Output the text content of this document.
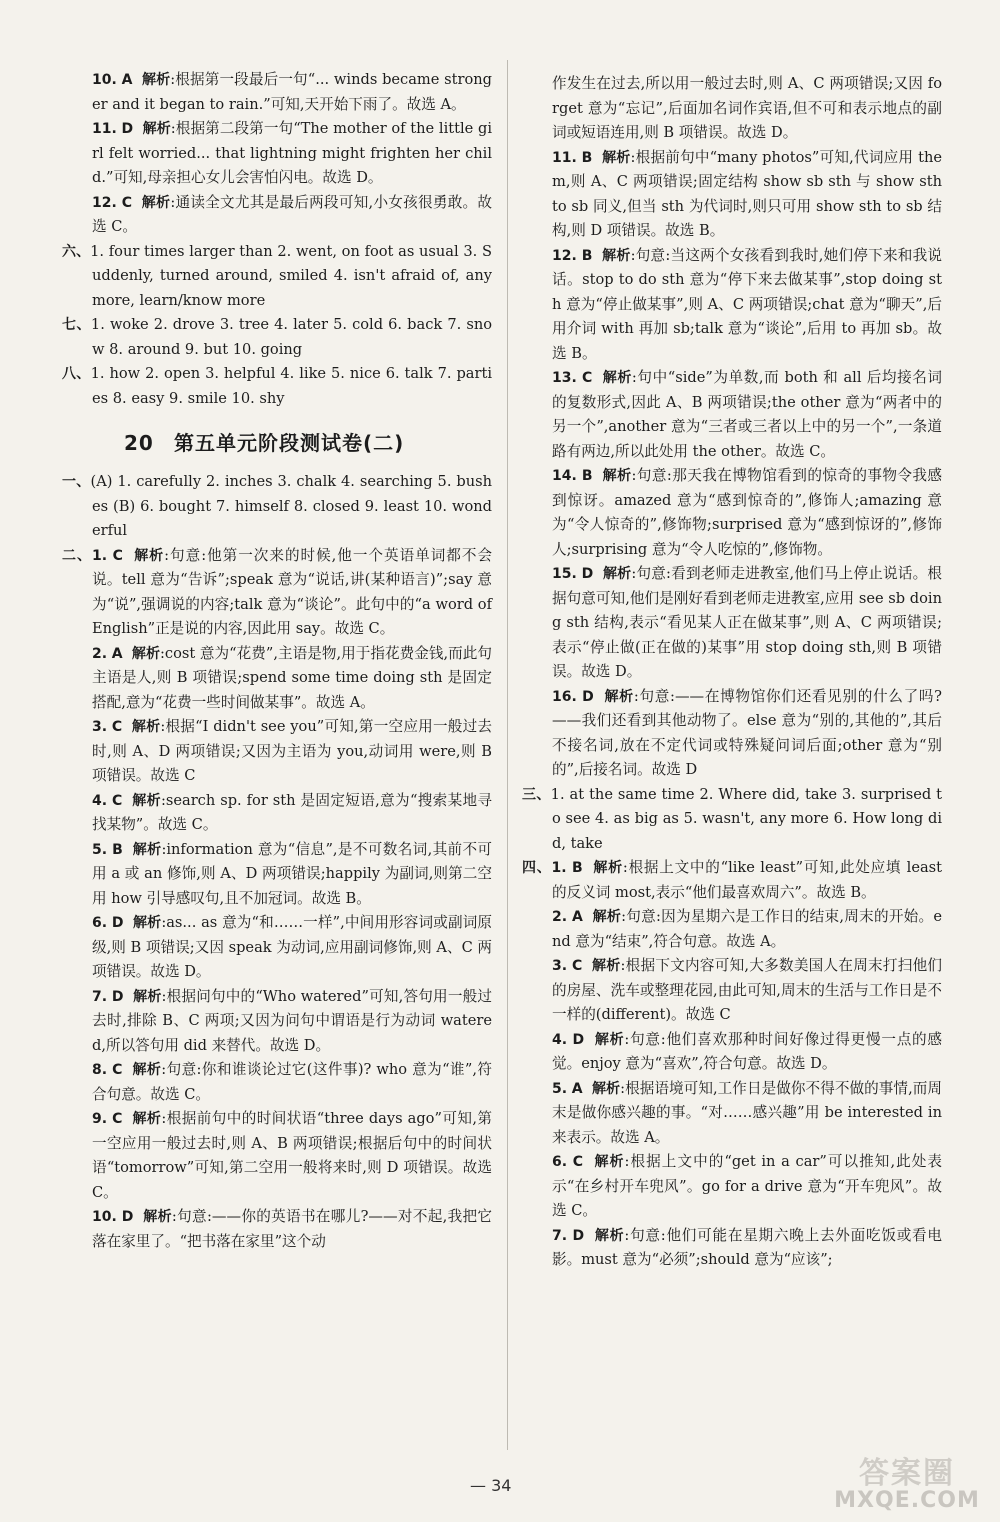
10. A 解析:根据第一段最后一句“... winds became stronger and it began to rain.”可知,天开始下雨了。故选 A。

11. D 解析:根据第二段第一句“The mother of the little girl felt worried... that lightning might frighten her child.”可知,母亲担心女儿会害怕闪电。故选 D。

12. C 解析:通读全文尤其是最后两段可知,小女孩很勇敢。故选 C。

六、1. four times larger than 2. went, on foot as usual 3. Suddenly, turned around, smiled 4. isn't afraid of, any more, learn/know more

七、1. woke 2. drove 3. tree 4. later 5. cold 6. back 7. snow 8. around 9. but 10. going

八、1. how 2. open 3. helpful 4. like 5. nice 6. talk 7. parties 8. easy 9. smile 10. shy

20 第五单元阶段测试卷(二)

一、(A) 1. carefully 2. inches 3. chalk 4. searching 5. bushes (B) 6. bought 7. himself 8. closed 9. least 10. wonderful

二、1. C 解析:句意:他第一次来的时候,他一个英语单词都不会说。tell 意为“告诉”;speak 意为“说话,讲(某种语言)”;say 意为“说”,强调说的内容;talk 意为“谈论”。此句中的“a word of English”正是说的内容,因此用 say。故选 C。

2. A 解析:cost 意为“花费”,主语是物,用于指花费金钱,而此句主语是人,则 B 项错误;spend some time doing sth 是固定搭配,意为“花费一些时间做某事”。故选 A。

3. C 解析:根据“I didn't see you”可知,第一空应用一般过去时,则 A、D 两项错误;又因为主语为 you,动词用 were,则 B 项错误。故选 C

4. C 解析:search sp. for sth 是固定短语,意为“搜索某地寻找某物”。故选 C。

5. B 解析:information 意为“信息”,是不可数名词,其前不可用 a 或 an 修饰,则 A、D 两项错误;happily 为副词,则第二空用 how 引导感叹句,且不加冠词。故选 B。

6. D 解析:as... as 意为“和……一样”,中间用形容词或副词原级,则 B 项错误;又因 speak 为动词,应用副词修饰,则 A、C 两项错误。故选 D。

7. D 解析:根据问句中的“Who watered”可知,答句用一般过去时,排除 B、C 两项;又因为问句中谓语是行为动词 watered,所以答句用 did 来替代。故选 D。

8. C 解析:句意:你和谁谈论过它(这件事)? who 意为“谁”,符合句意。故选 C。

9. C 解析:根据前句中的时间状语“three days ago”可知,第一空应用一般过去时,则 A、B 两项错误;根据后句中的时间状语“tomorrow”可知,第二空用一般将来时,则 D 项错误。故选 C。

10. D 解析:句意:——你的英语书在哪儿?——对不起,我把它落在家里了。“把书落在家里”这个动

作发生在过去,所以用一般过去时,则 A、C 两项错误;又因 forget 意为“忘记”,后面加名词作宾语,但不可和表示地点的副词或短语连用,则 B 项错误。故选 D。

11. B 解析:根据前句中“many photos”可知,代词应用 them,则 A、C 两项错误;固定结构 show sb sth 与 show sth to sb 同义,但当 sth 为代词时,则只可用 show sth to sb 结构,则 D 项错误。故选 B。

12. B 解析:句意:当这两个女孩看到我时,她们停下来和我说话。stop to do sth 意为“停下来去做某事”,stop doing sth 意为“停止做某事”,则 A、C 两项错误;chat 意为“聊天”,后用介词 with 再加 sb;talk 意为“谈论”,后用 to 再加 sb。故选 B。

13. C 解析:句中“side”为单数,而 both 和 all 后均接名词的复数形式,因此 A、B 两项错误;the other 意为“两者中的另一个”,another 意为“三者或三者以上中的另一个”,一条道路有两边,所以此处用 the other。故选 C。

14. B 解析:句意:那天我在博物馆看到的惊奇的事物令我感到惊讶。amazed 意为“感到惊奇的”,修饰人;amazing 意为“令人惊奇的”,修饰物;surprised 意为“感到惊讶的”,修饰人;surprising 意为“令人吃惊的”,修饰物。

15. D 解析:句意:看到老师走进教室,他们马上停止说话。根据句意可知,他们是刚好看到老师走进教室,应用 see sb doing sth 结构,表示“看见某人正在做某事”,则 A、C 两项错误;表示“停止做(正在做的)某事”用 stop doing sth,则 B 项错误。故选 D。

16. D 解析:句意:——在博物馆你们还看见别的什么了吗?——我们还看到其他动物了。else 意为“别的,其他的”,其后不接名词,放在不定代词或特殊疑问词后面;other 意为“别的”,后接名词。故选 D

三、1. at the same time 2. Where did, take 3. surprised to see 4. as big as 5. wasn't, any more 6. How long did, take

四、1. B 解析:根据上文中的“like least”可知,此处应填 least 的反义词 most,表示“他们最喜欢周六”。故选 B。

2. A 解析:句意:因为星期六是工作日的结束,周末的开始。end 意为“结束”,符合句意。故选 A。

3. C 解析:根据下文内容可知,大多数美国人在周末打扫他们的房屋、洗车或整理花园,由此可知,周末的生活与工作日是不一样的(different)。故选 C

4. D 解析:句意:他们喜欢那种时间好像过得更慢一点的感觉。enjoy 意为“喜欢”,符合句意。故选 D。

5. A 解析:根据语境可知,工作日是做你不得不做的事情,而周末是做你感兴趣的事。“对……感兴趣”用 be interested in 来表示。故选 A。

6. C 解析:根据上文中的“get in a car”可以推知,此处表示“在乡村开车兜风”。go for a drive 意为“开车兜风”。故选 C。

7. D 解析:句意:他们可能在星期六晚上去外面吃饭或看电影。must 意为“必须”;should 意为“应该”;

— 34	答案圈
MXQE.COM
